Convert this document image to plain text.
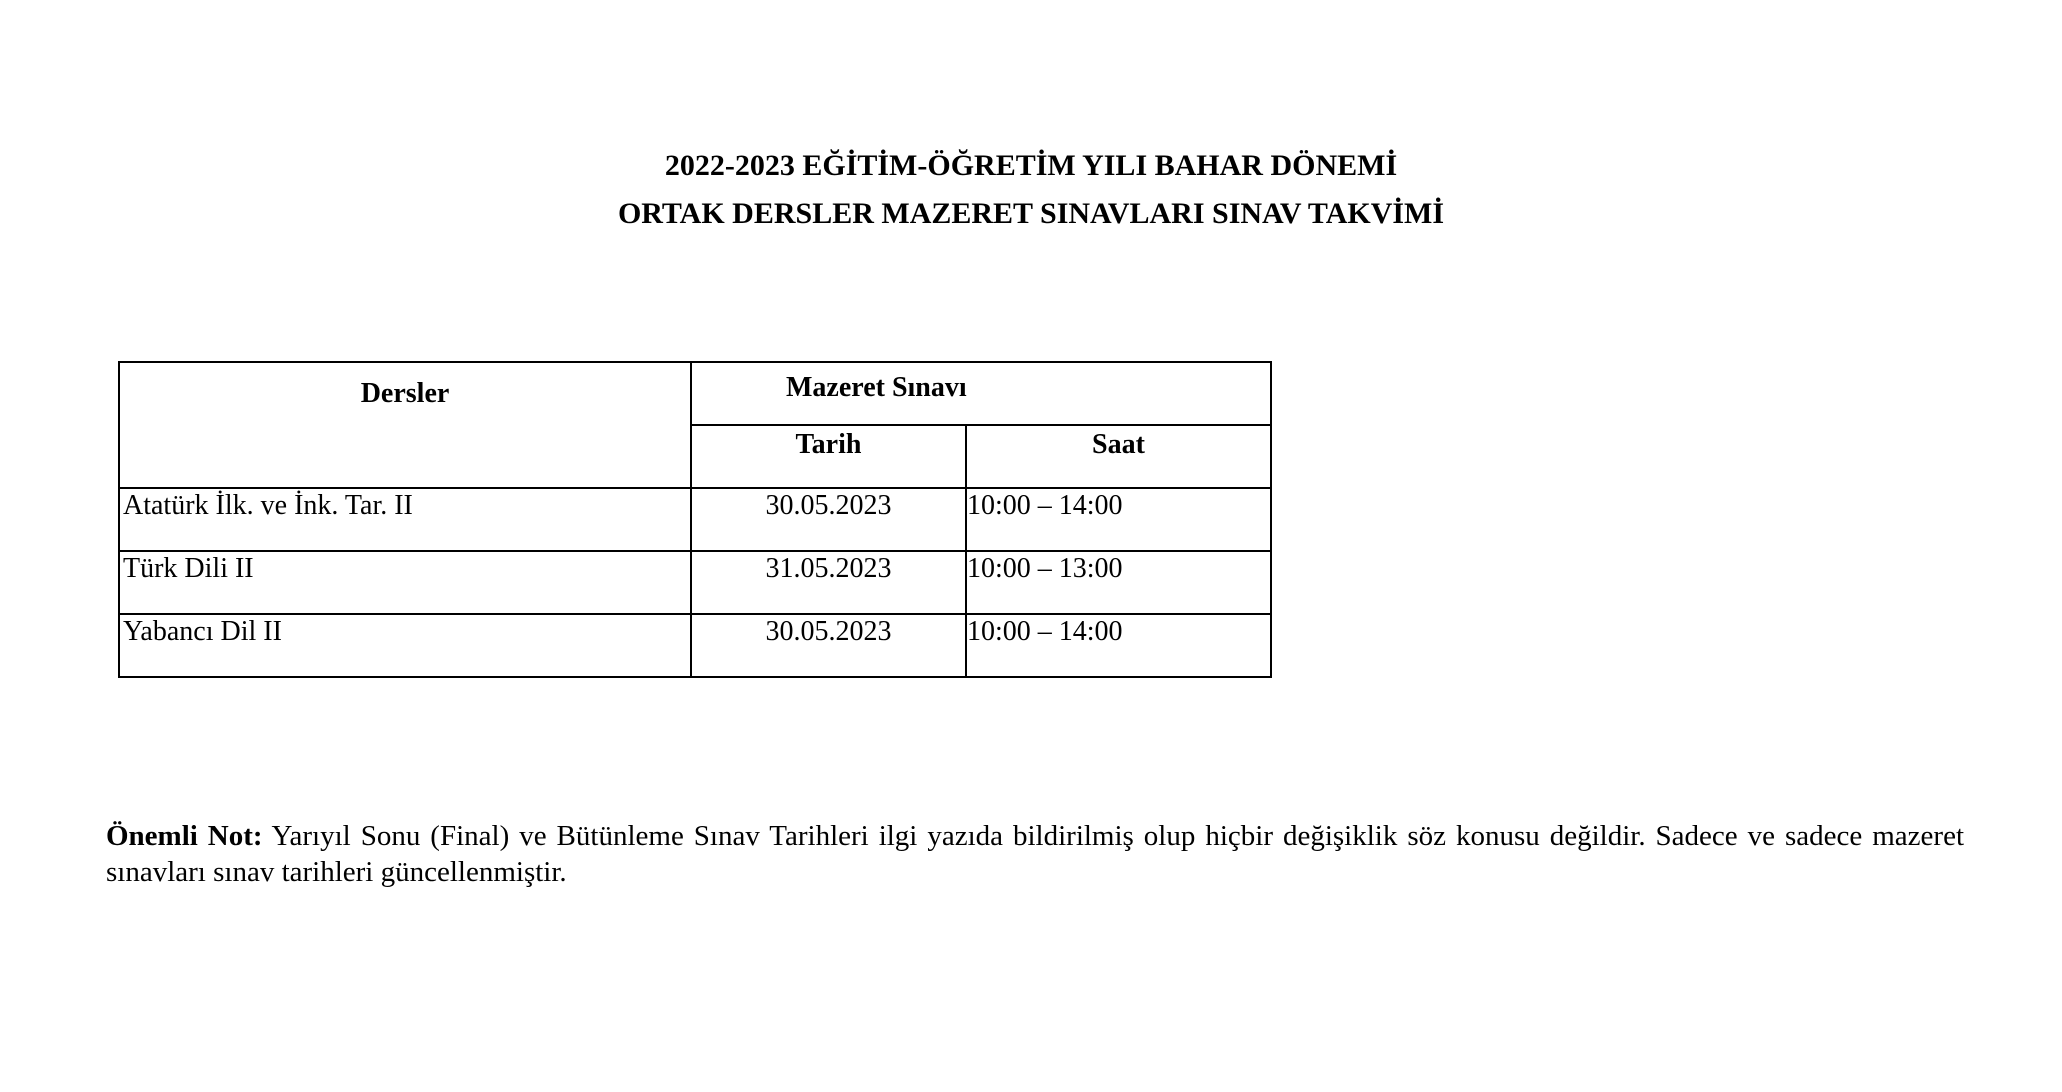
2022-2023 EĞİTİM-ÖĞRETİM YILI BAHAR DÖNEMİ
ORTAK DERSLER MAZERET SINAVLARI SINAV TAKVİMİ
Dersler	Mazeret Sınavı	
	Tarih	Saat
Atatürk İlk. ve İnk. Tar. II	30.05.2023	10:00 – 14:00
Türk Dili II	31.05.2023	10:00 – 13:00
Yabancı Dil II	30.05.2023	10:00 – 14:00
Önemli Not: Yarıyıl Sonu (Final) ve Bütünleme Sınav Tarihleri ilgi yazıda bildirilmiş olup hiçbir değişiklik söz konusu değildir. Sadece ve sadece mazeret sınavları sınav tarihleri güncellenmiştir.
